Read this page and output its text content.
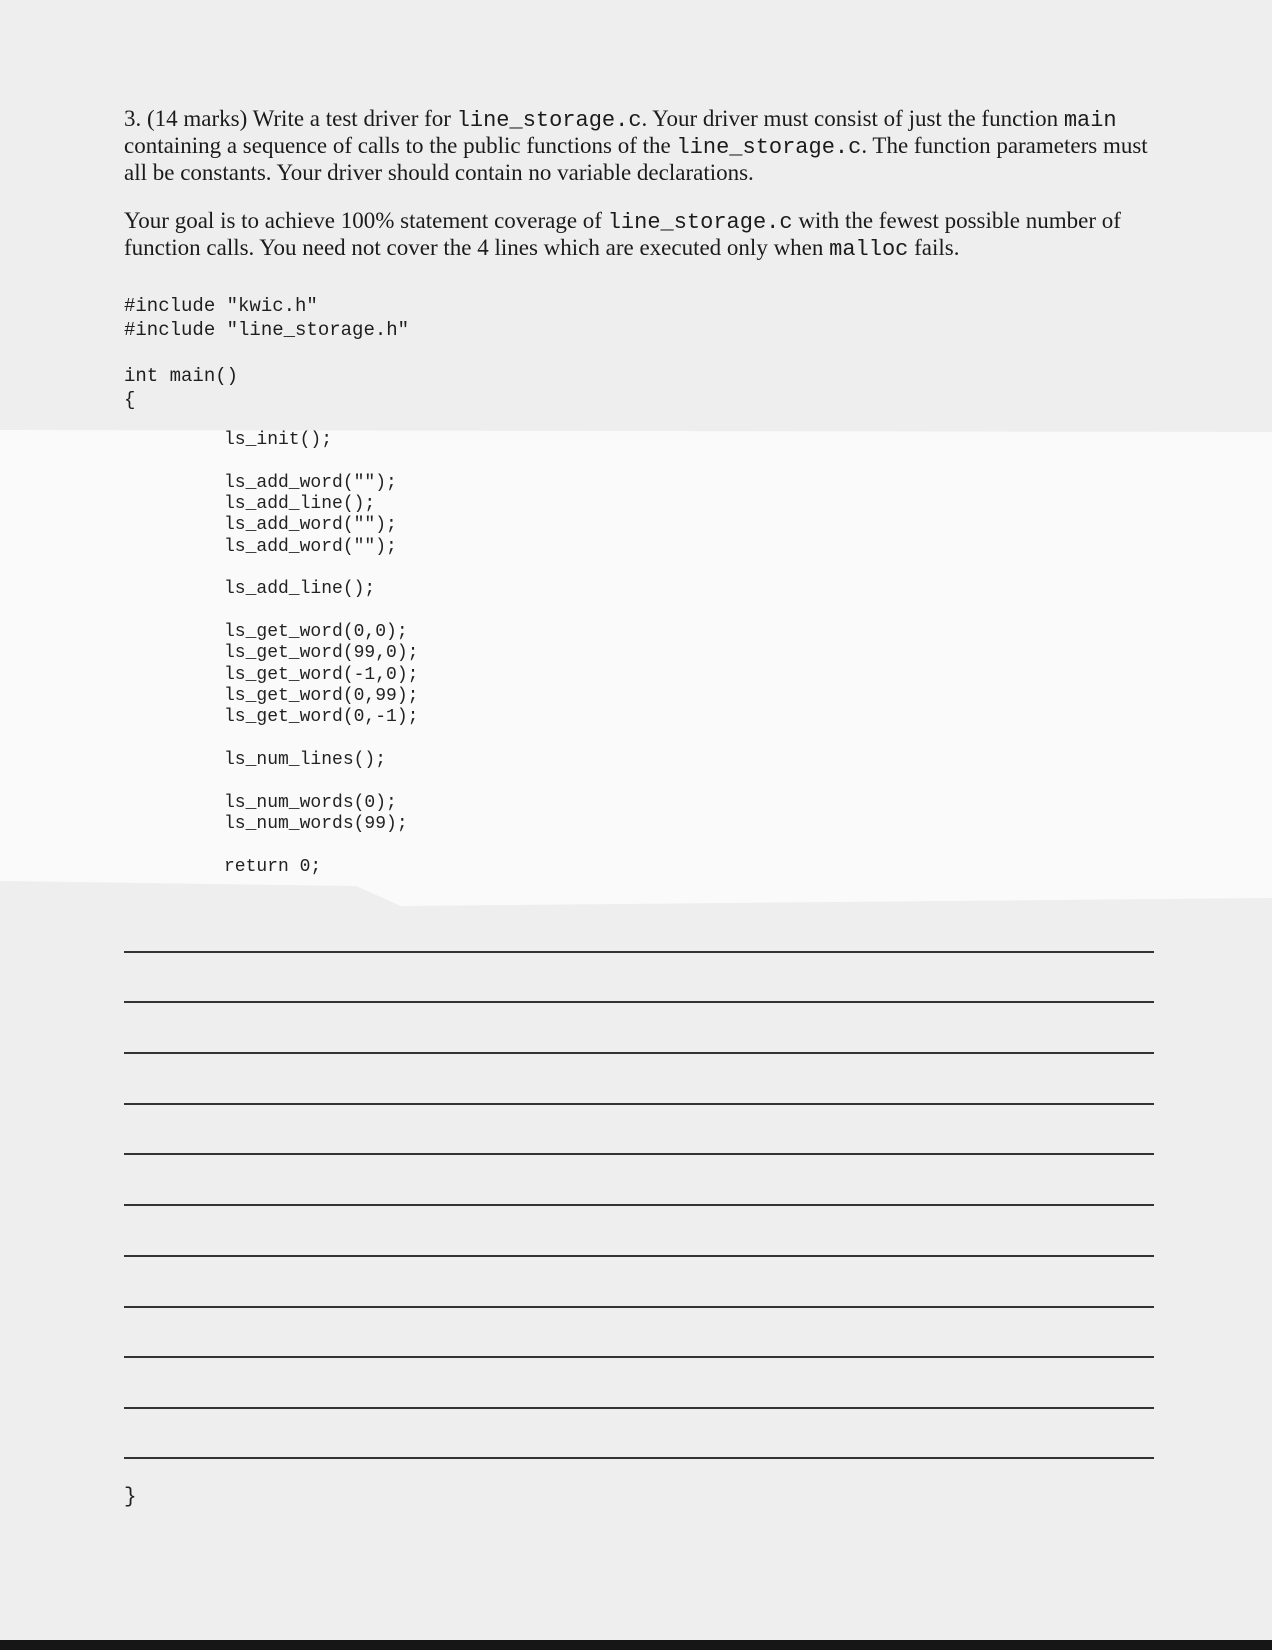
3. (14 marks) Write a test driver for line_storage.c. Your driver must consist of just the function main containing a sequence of calls to the public functions of the line_storage.c. The function parameters must all be constants. Your driver should contain no variable declarations.

Your goal is to achieve 100% statement coverage of line_storage.c with the fewest possible number of function calls. You need not cover the 4 lines which are executed only when malloc fails.

#include "kwic.h"
#include "line_storage.h"
int main()
{
ls_init();
ls_add_word("");
ls_add_line();
ls_add_word("");
ls_add_word("");
ls_add_line();
ls_get_word(0,0);
ls_get_word(99,0);
ls_get_word(-1,0);
ls_get_word(0,99);
ls_get_word(0,-1);
ls_num_lines();
ls_num_words(0);
ls_num_words(99);
return 0;
}
